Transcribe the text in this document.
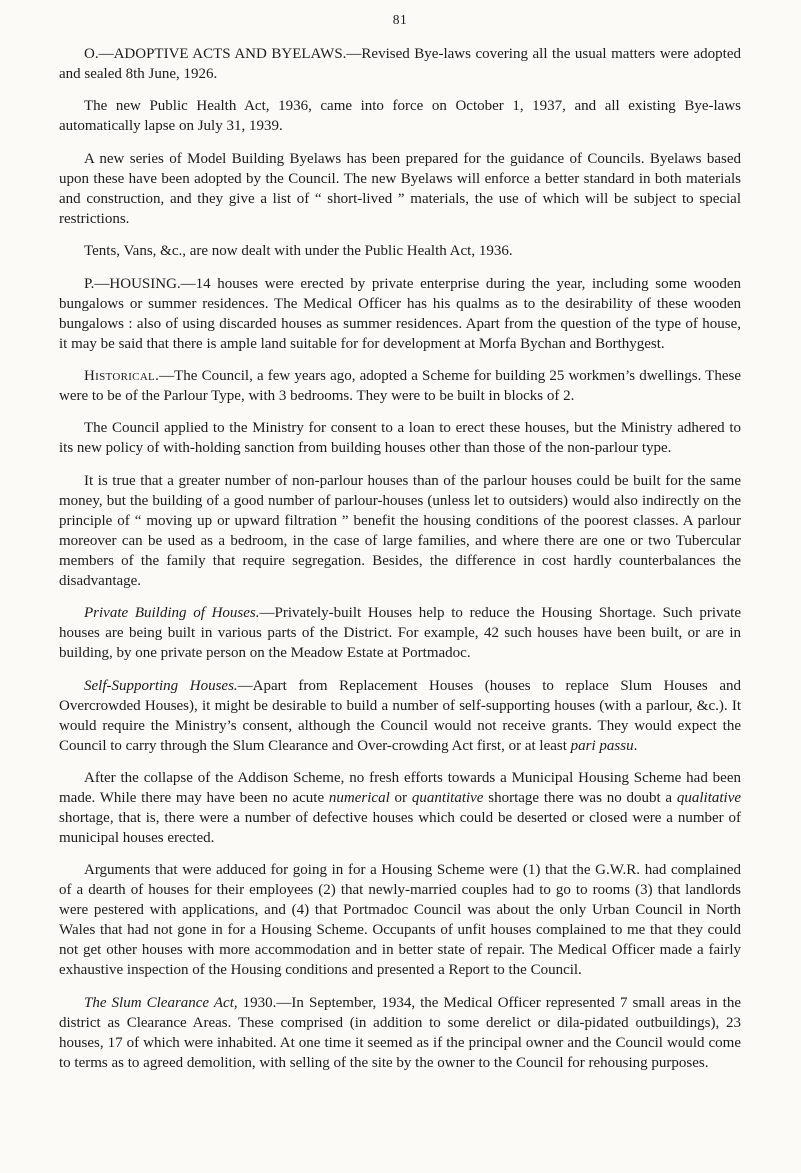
81

O.—ADOPTIVE ACTS AND BYELAWS.—Revised Bye-laws covering all the usual matters were adopted and sealed 8th June, 1926.

The new Public Health Act, 1936, came into force on October 1, 1937, and all existing Bye-laws automatically lapse on July 31, 1939.

A new series of Model Building Byelaws has been prepared for the guidance of Councils. Byelaws based upon these have been adopted by the Council. The new Byelaws will enforce a better standard in both materials and construction, and they give a list of “ short-lived ” materials, the use of which will be subject to special restrictions.

Tents, Vans, &c., are now dealt with under the Public Health Act, 1936.

P.—HOUSING.—14 houses were erected by private enterprise during the year, including some wooden bungalows or summer residences. The Medical Officer has his qualms as to the desirability of these wooden bungalows : also of using discarded houses as summer residences. Apart from the question of the type of house, it may be said that there is ample land suitable for for development at Morfa Bychan and Borthygest.

Historical.—The Council, a few years ago, adopted a Scheme for building 25 workmen’s dwellings. These were to be of the Parlour Type, with 3 bedrooms. They were to be built in blocks of 2.

The Council applied to the Ministry for consent to a loan to erect these houses, but the Ministry adhered to its new policy of with-holding sanction from building houses other than those of the non-parlour type.

It is true that a greater number of non-parlour houses than of the parlour houses could be built for the same money, but the building of a good number of parlour-houses (unless let to outsiders) would also indirectly on the principle of “ moving up or upward filtration ” benefit the housing conditions of the poorest classes. A parlour moreover can be used as a bedroom, in the case of large families, and where there are one or two Tubercular members of the family that require segregation. Besides, the difference in cost hardly counterbalances the disadvantage.

Private Building of Houses.—Privately-built Houses help to reduce the Housing Shortage. Such private houses are being built in various parts of the District. For example, 42 such houses have been built, or are in building, by one private person on the Meadow Estate at Portmadoc.

Self-Supporting Houses.—Apart from Replacement Houses (houses to replace Slum Houses and Overcrowded Houses), it might be desirable to build a number of self-supporting houses (with a parlour, &c.). It would require the Ministry’s consent, although the Council would not receive grants. They would expect the Council to carry through the Slum Clearance and Over-crowding Act first, or at least pari passu.

After the collapse of the Addison Scheme, no fresh efforts towards a Municipal Housing Scheme had been made. While there may have been no acute numerical or quantitative shortage there was no doubt a qualitative shortage, that is, there were a number of defective houses which could be deserted or closed were a number of municipal houses erected.

Arguments that were adduced for going in for a Housing Scheme were (1) that the G.W.R. had complained of a dearth of houses for their employees (2) that newly-married couples had to go to rooms (3) that landlords were pestered with applications, and (4) that Portmadoc Council was about the only Urban Council in North Wales that had not gone in for a Housing Scheme. Occupants of unfit houses complained to me that they could not get other houses with more accommodation and in better state of repair. The Medical Officer made a fairly exhaustive inspection of the Housing conditions and presented a Report to the Council.

The Slum Clearance Act, 1930.—In September, 1934, the Medical Officer represented 7 small areas in the district as Clearance Areas. These comprised (in addition to some derelict or dila-pidated outbuildings), 23 houses, 17 of which were inhabited. At one time it seemed as if the principal owner and the Council would come to terms as to agreed demolition, with selling of the site by the owner to the Council for rehousing purposes.
